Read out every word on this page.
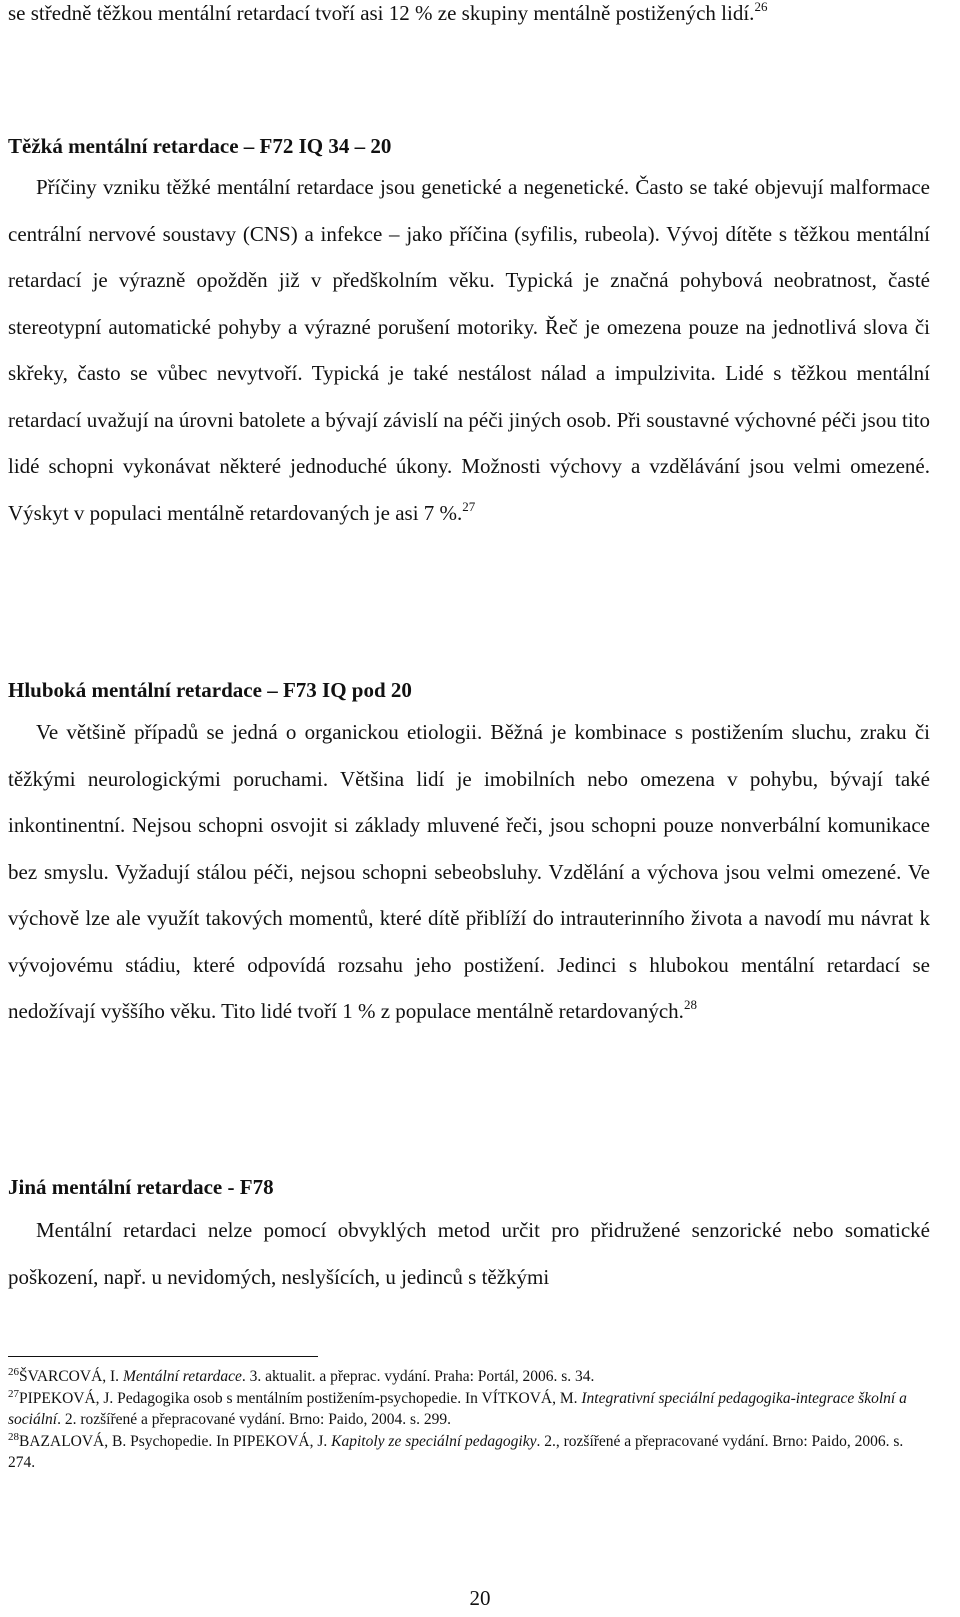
se středně těžkou mentální retardací tvoří asi 12 % ze skupiny mentálně postižených lidí.$^{26}$

Těžká mentální retardace – F72 IQ 34 – 20

Příčiny vzniku těžké mentální retardace jsou genetické a negenetické. Často se také objevují malformace centrální nervové soustavy (CNS) a infekce – jako příčina (syfilis, rubeola). Vývoj dítěte s těžkou mentální retardací je výrazně opožděn již v předškolním věku. Typická je značná pohybová neobratnost, časté stereotypní automatické pohyby a výrazné porušení motoriky. Řeč je omezena pouze na jednotlivá slova či skřeky, často se vůbec nevytvoří. Typická je také nestálost nálad a impulzivita. Lidé s těžkou mentální retardací uvažují na úrovni batolete a bývají závislí na péči jiných osob. Při soustavné výchovné péči jsou tito lidé schopni vykonávat některé jednoduché úkony. Možnosti výchovy a vzdělávání jsou velmi omezené. Výskyt v populaci mentálně retardovaných je asi 7 %.$^{27}$

Hluboká mentální retardace – F73 IQ pod 20

Ve většině případů se jedná o organickou etiologii. Běžná je kombinace s postižením sluchu, zraku či těžkými neurologickými poruchami. Většina lidí je imobilních nebo omezena v pohybu, bývají také inkontinentní. Nejsou schopni osvojit si základy mluvené řeči, jsou schopni pouze nonverbální komunikace bez smyslu. Vyžadují stálou péči, nejsou schopni sebeobsluhy. Vzdělání a výchova jsou velmi omezené. Ve výchově lze ale využít takových momentů, které dítě přiblíží do intrauterinního života a navodí mu návrat k vývojovému stádiu, které odpovídá rozsahu jeho postižení. Jedinci s hlubokou mentální retardací se nedožívají vyššího věku. Tito lidé tvoří 1 % z populace mentálně retardovaných.$^{28}$

Jiná mentální retardace - F78

Mentální retardaci nelze pomocí obvyklých metod určit pro přidružené senzorické nebo somatické poškození, např. u nevidomých, neslyšících, u jedinců s těžkými

$^{26}$ŠVARCOVÁ, I. Mentální retardace. 3. aktualit. a přeprac. vydání. Praha: Portál, 2006. s. 34.

$^{27}$PIPEKOVÁ, J. Pedagogika osob s mentálním postižením-psychopedie. In VÍTKOVÁ, M. Integrativní speciální pedagogika-integrace školní a sociální. 2. rozšířené a přepracované vydání. Brno: Paido, 2004. s. 299.

$^{28}$BAZALOVÁ, B. Psychopedie. In PIPEKOVÁ, J. Kapitoly ze speciální pedagogiky. 2., rozšířené a přepracované vydání. Brno: Paido, 2006. s. 274.

20
